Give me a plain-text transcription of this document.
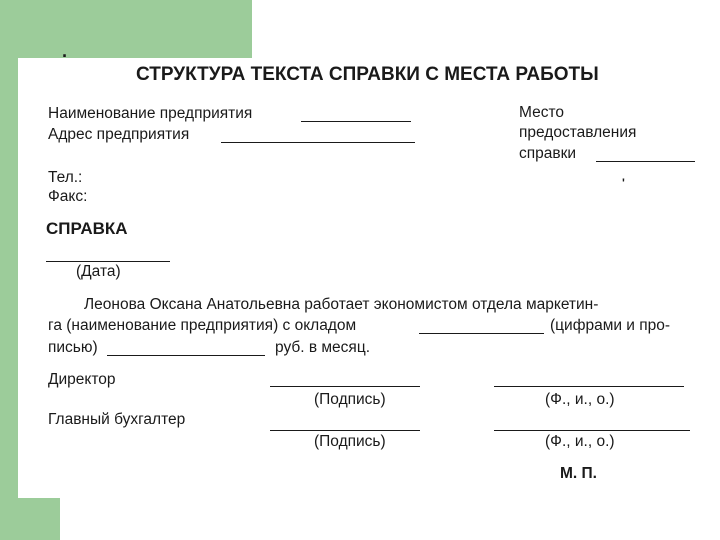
·
СТРУКТУРА ТЕКСТА СПРАВКИ С МЕСТА РАБОТЫ
Наименование предприятия
Адрес предприятия
Тел.:
Факс:
Место
предоставления
справки
'
СПРАВКА
(Дата)
Леонова Оксана Анатольевна работает экономистом отдела маркетин-
га (наименование предприятия) с окладом	(цифрами и про-
писью)	руб. в месяц.
Директор
(Подпись)	(Ф., и., о.)
Главный бухгалтер
(Подпись)	(Ф., и., о.)
М. П.
